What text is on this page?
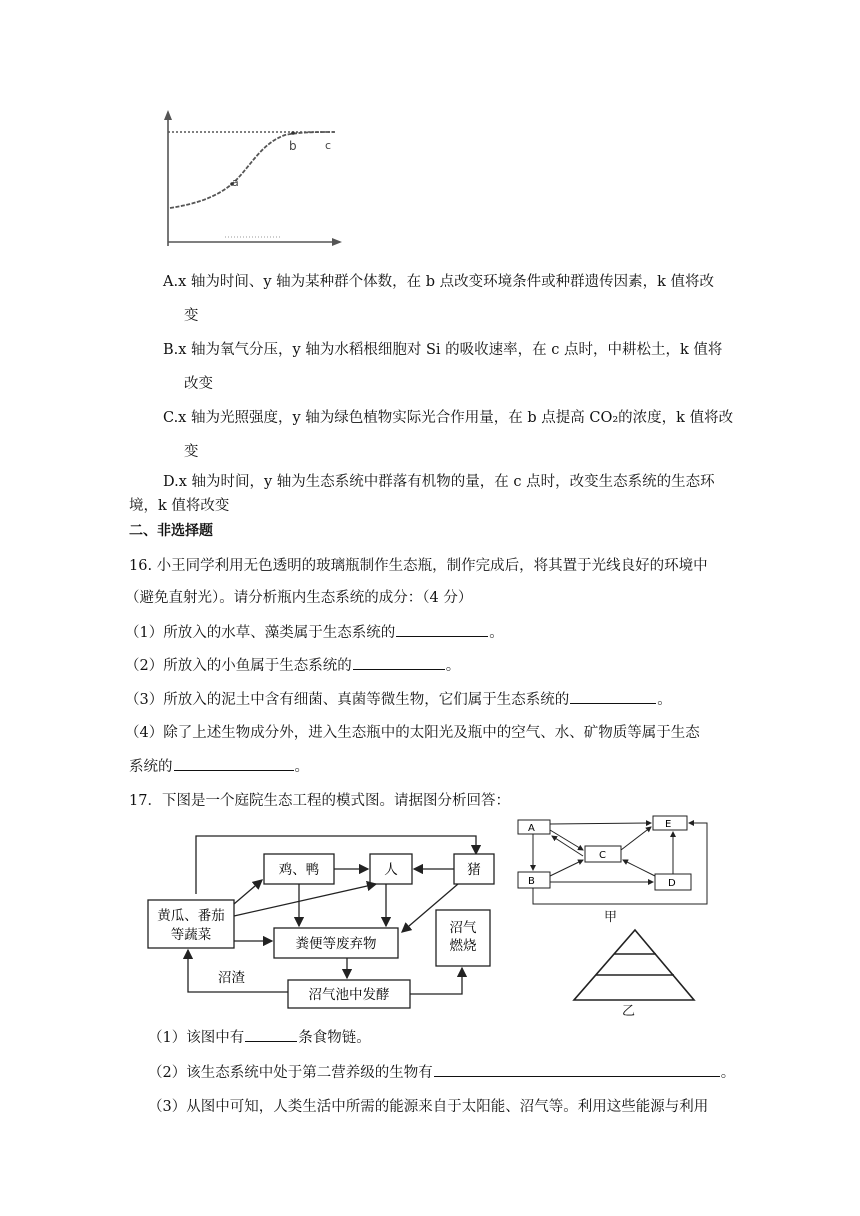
a
b	c
A.x 轴为时间、y 轴为某种群个体数，在 b 点改变环境条件或种群遗传因素，k 值将改
变
B.x 轴为氧气分压，y 轴为水稻根细胞对 Si 的吸收速率，在 c 点时，中耕松土，k 值将
改变
C.x 轴为光照强度，y 轴为绿色植物实际光合作用量，在 b 点提高 CO₂的浓度，k 值将改
变
D.x 轴为时间，y 轴为生态系统中群落有机物的量，在 c 点时，改变生态系统的生态环
境，k 值将改变
二、非选择题
16. 小王同学利用无色透明的玻璃瓶制作生态瓶，制作完成后，将其置于光线良好的环境中
（避免直射光）。请分析瓶内生态系统的成分：（4 分）
（1）所放入的水草、藻类属于生态系统的	。
（2）所放入的小鱼属于生态系统的	。
（3）所放入的泥土中含有细菌、真菌等微生物，它们属于生态系统的	。
（4）除了上述生物成分外，进入生态瓶中的太阳光及瓶中的空气、水、矿物质等属于生态
系统的	。
17．下图是一个庭院生态工程的模式图。请据图分析回答：
鸡、鸭	人	猪
黄瓜、番茄
等蔬菜
粪便等废弃物
沼气
燃烧
沼气池中发酵
沼渣
A	E
C
B	D
甲
乙
（1）该图中有	条食物链。
（2）该生态系统中处于第二营养级的生物有	。
（3）从图中可知，人类生活中所需的能源来自于太阳能、沼气等。利用这些能源与利用
